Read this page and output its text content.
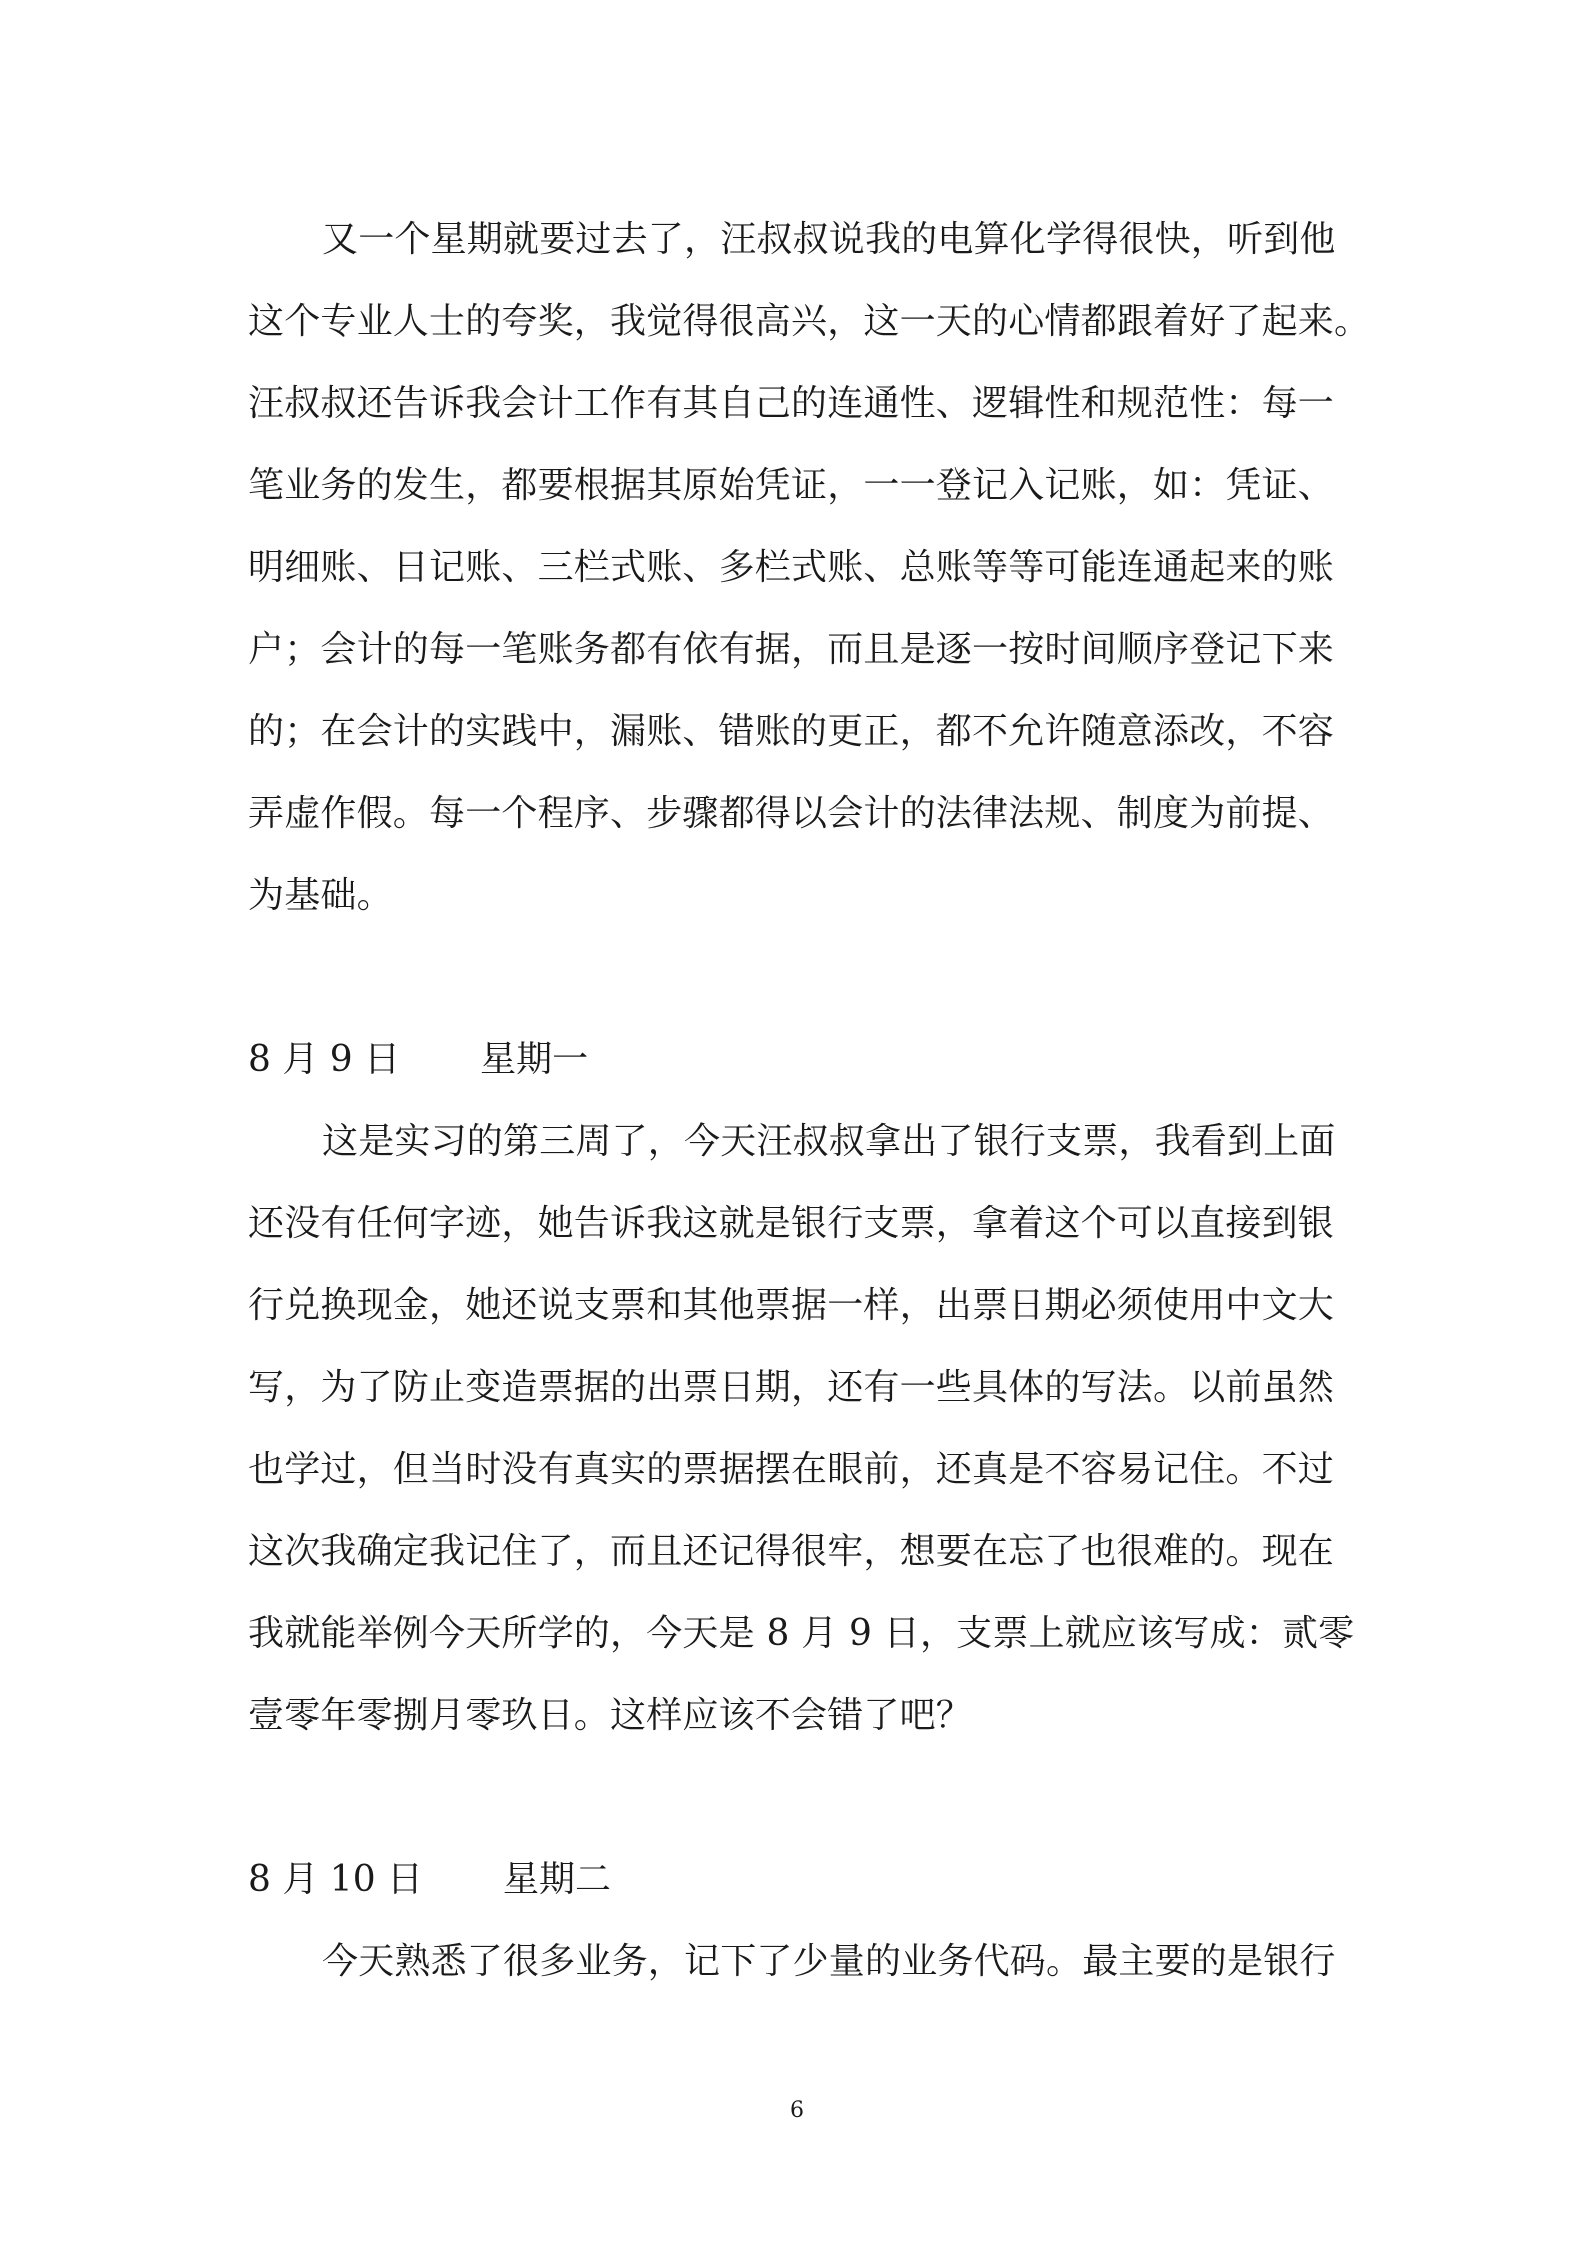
又一个星期就要过去了，汪叔叔说我的电算化学得很快，听到他
这个专业人士的夸奖，我觉得很高兴，这一天的心情都跟着好了起来。
汪叔叔还告诉我会计工作有其自己的连通性、逻辑性和规范性：每一
笔业务的发生，都要根据其原始凭证，一一登记入记账，如：凭证、
明细账、日记账、三栏式账、多栏式账、总账等等可能连通起来的账
户；会计的每一笔账务都有依有据，而且是逐一按时间顺序登记下来
的；在会计的实践中，漏账、错账的更正，都不允许随意添改，不容
弄虚作假。每一个程序、步骤都得以会计的法律法规、制度为前提、
为基础。
8 月 9 日 星期一
这是实习的第三周了，今天汪叔叔拿出了银行支票，我看到上面
还没有任何字迹，她告诉我这就是银行支票，拿着这个可以直接到银
行兑换现金，她还说支票和其他票据一样，出票日期必须使用中文大
写，为了防止变造票据的出票日期，还有一些具体的写法。以前虽然
也学过，但当时没有真实的票据摆在眼前，还真是不容易记住。不过
这次我确定我记住了，而且还记得很牢，想要在忘了也很难的。现在
我就能举例今天所学的，今天是 8 月 9 日，支票上就应该写成：贰零
壹零年零捌月零玖日。这样应该不会错了吧？
8 月 10 日 星期二
今天熟悉了很多业务，记下了少量的业务代码。最主要的是银行
6
